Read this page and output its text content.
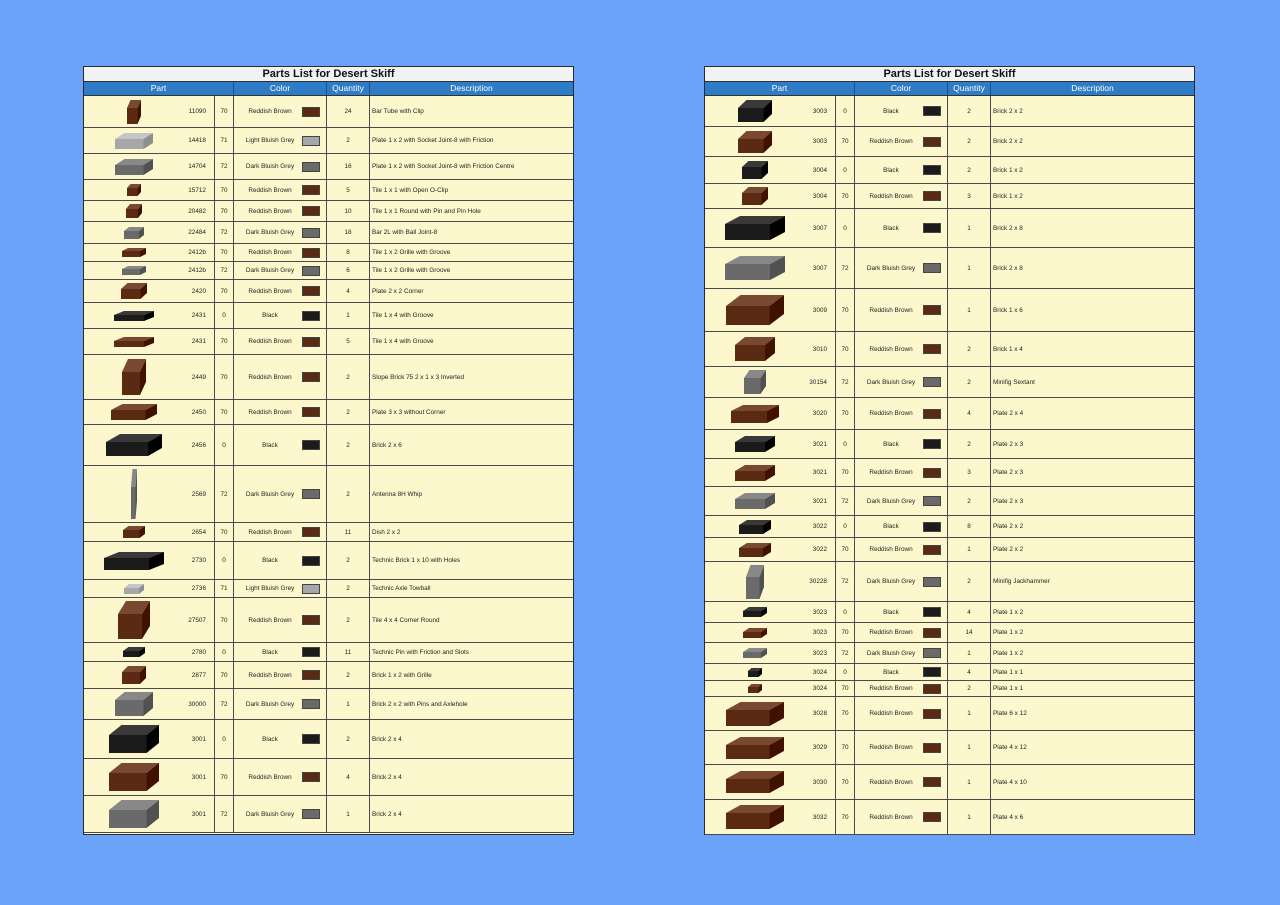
Parts List for Desert Skiff
Part	Color	Quantity	Description
11090	70	Reddish Brown	24	Bar Tube with Clip
14418	71	Light Bluish Grey	2	Plate 1 x 2 with Socket Joint-8 with Friction
14704	72	Dark Bluish Grey	16	Plate 1 x 2 with Socket Joint-8 with Friction Centre
15712	70	Reddish Brown	5	Tile 1 x 1 with Open O-Clip
20482	70	Reddish Brown	10	Tile 1 x 1 Round with Pin and Pin Hole
22484	72	Dark Bluish Grey	18	Bar 2L with Ball Joint-8
2412b	70	Reddish Brown	8	Tile 1 x 2 Grille with Groove
2412b	72	Dark Bluish Grey	6	Tile 1 x 2 Grille with Groove
2420	70	Reddish Brown	4	Plate 2 x 2 Corner
2431	0	Black	1	Tile 1 x 4 with Groove
2431	70	Reddish Brown	5	Tile 1 x 4 with Groove
2449	70	Reddish Brown	2	Slope Brick 75 2 x 1 x 3 Inverted
2450	70	Reddish Brown	2	Plate 3 x 3 without Corner
2456	0	Black	2	Brick 2 x 6
2569	72	Dark Bluish Grey	2	Antenna 8H Whip
2654	70	Reddish Brown	11	Dish 2 x 2
2730	0	Black	2	Technic Brick 1 x 10 with Holes
2736	71	Light Bluish Grey	2	Technic Axle Towball
27507	70	Reddish Brown	2	Tile 4 x 4 Corner Round
2780	0	Black	11	Technic Pin with Friction and Slots
2877	70	Reddish Brown	2	Brick 1 x 2 with Grille
30000	72	Dark Bluish Grey	1	Brick 2 x 2 with Pins and Axlehole
3001	0	Black	2	Brick 2 x 4
3001	70	Reddish Brown	4	Brick 2 x 4
3001	72	Dark Bluish Grey	1	Brick 2 x 4
Parts List for Desert Skiff
Part	Color	Quantity	Description
3003	0	Black	2	Brick 2 x 2
3003	70	Reddish Brown	2	Brick 2 x 2
3004	0	Black	2	Brick 1 x 2
3004	70	Reddish Brown	3	Brick 1 x 2
3007	0	Black	1	Brick 2 x 8
3007	72	Dark Bluish Grey	1	Brick 2 x 8
3009	70	Reddish Brown	1	Brick 1 x 6
3010	70	Reddish Brown	2	Brick 1 x 4
30154	72	Dark Bluish Grey	2	Minifig Sextant
3020	70	Reddish Brown	4	Plate 2 x 4
3021	0	Black	2	Plate 2 x 3
3021	70	Reddish Brown	3	Plate 2 x 3
3021	72	Dark Bluish Grey	2	Plate 2 x 3
3022	0	Black	8	Plate 2 x 2
3022	70	Reddish Brown	1	Plate 2 x 2
30228	72	Dark Bluish Grey	2	Minifig Jackhammer
3023	0	Black	4	Plate 1 x 2
3023	70	Reddish Brown	14	Plate 1 x 2
3023	72	Dark Bluish Grey	1	Plate 1 x 2
3024	0	Black	4	Plate 1 x 1
3024	70	Reddish Brown	2	Plate 1 x 1
3028	70	Reddish Brown	1	Plate 6 x 12
3029	70	Reddish Brown	1	Plate 4 x 12
3030	70	Reddish Brown	1	Plate 4 x 10
3032	70	Reddish Brown	1	Plate 4 x 6
